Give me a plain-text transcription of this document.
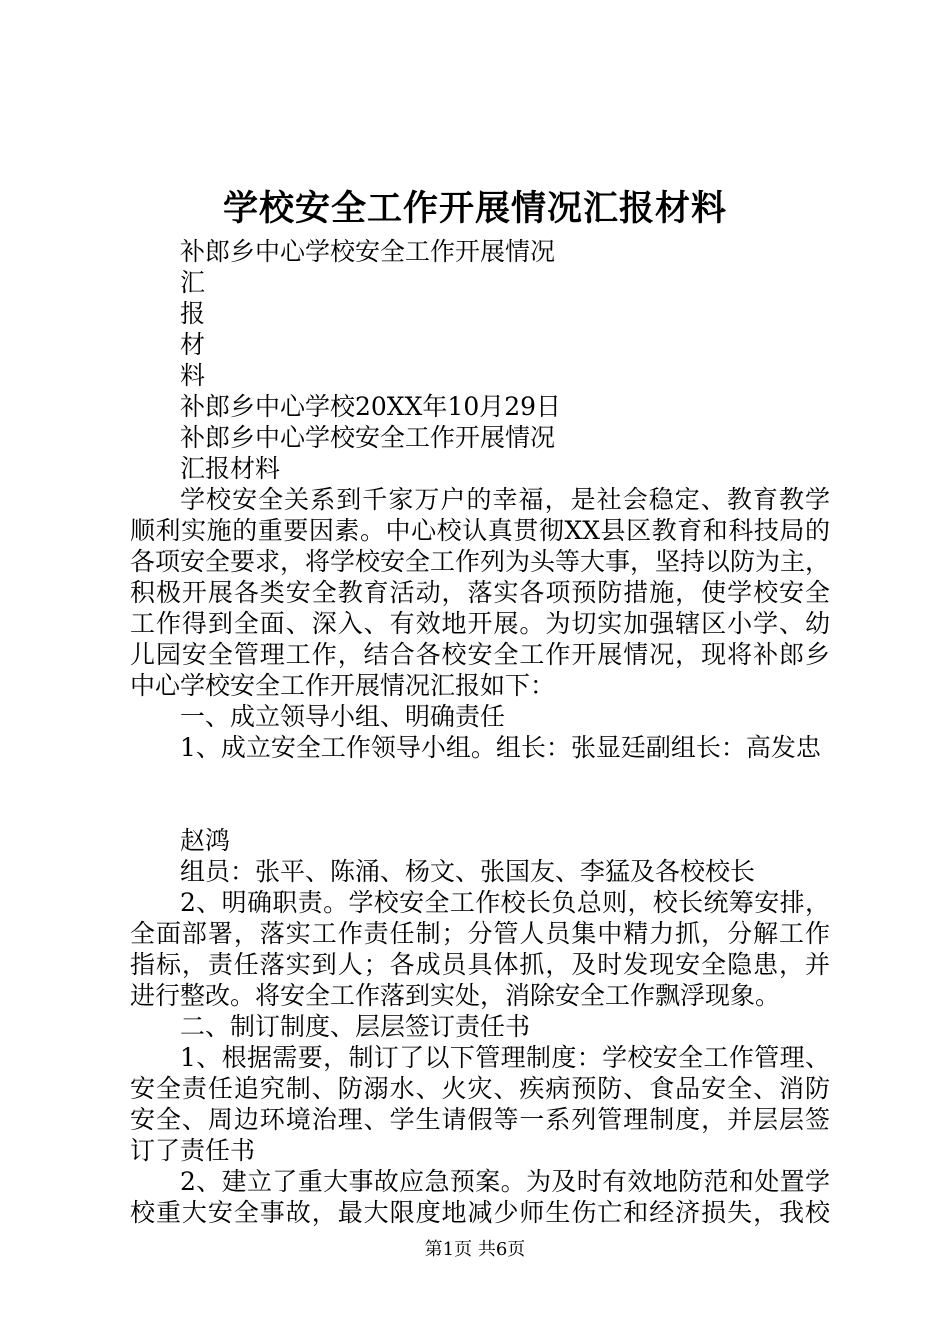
学校安全工作开展情况汇报材料
补郎乡中心学校安全工作开展情况
汇
报
材
料
补郎乡中心学校20XX年10月29日
补郎乡中心学校安全工作开展情况
汇报材料
学校安全关系到千家万户的幸福，是社会稳定、教育教学
顺利实施的重要因素。中心校认真贯彻XX县区教育和科技局的
各项安全要求，将学校安全工作列为头等大事，坚持以防为主，
积极开展各类安全教育活动，落实各项预防措施，使学校安全
工作得到全面、深入、有效地开展。为切实加强辖区小学、幼
儿园安全管理工作，结合各校安全工作开展情况，现将补郎乡
中心学校安全工作开展情况汇报如下：
一、成立领导小组、明确责任
1、成立安全工作领导小组。组长：张显廷副组长：高发忠
赵鸿
组员：张平、陈涌、杨文、张国友、李猛及各校校长
2、明确职责。学校安全工作校长负总则，校长统筹安排，
全面部署，落实工作责任制；分管人员集中精力抓，分解工作
指标，责任落实到人；各成员具体抓，及时发现安全隐患，并
进行整改。将安全工作落到实处，消除安全工作飘浮现象。
二、制订制度、层层签订责任书
1、根据需要，制订了以下管理制度：学校安全工作管理、
安全责任追究制、防溺水、火灾、疾病预防、食品安全、消防
安全、周边环境治理、学生请假等一系列管理制度，并层层签
订了责任书
2、建立了重大事故应急预案。为及时有效地防范和处置学
校重大安全事故，最大限度地减少师生伤亡和经济损失，我校
第1页 共6页
